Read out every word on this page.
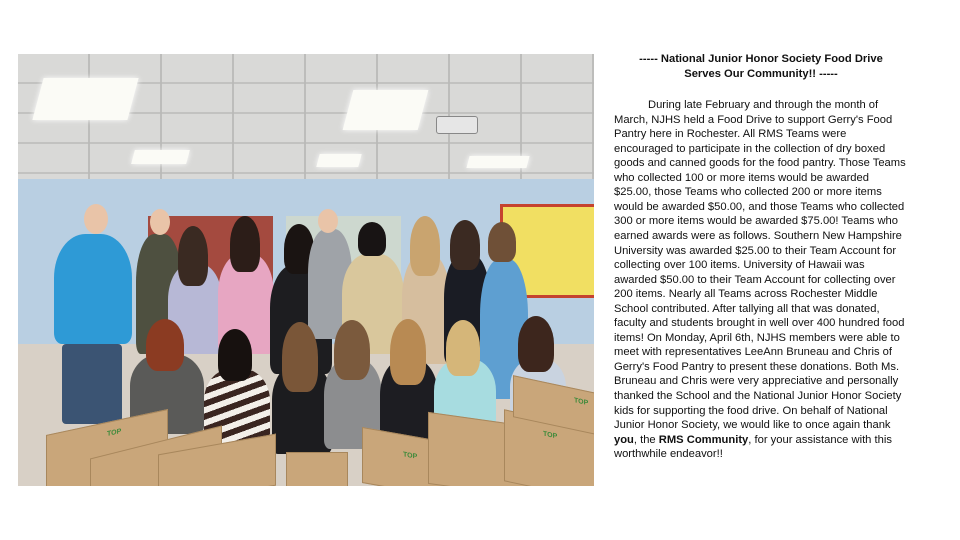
TOP
TOP
TOP
TOP

----- National Junior Honor Society Food Drive
Serves Our Community!! -----

During late February and through the month of March, NJHS held a Food Drive to support Gerry's Food Pantry here in Rochester. All RMS Teams were encouraged to participate in the collection of dry boxed goods and canned goods for the food pantry. Those Teams who collected 100 or more items would be awarded $25.00, those Teams who collected 200 or more items would be awarded $50.00, and those Teams who collected 300 or more items would be awarded $75.00! Teams who earned awards were as follows. Southern New Hampshire University was awarded $25.00 to their Team Account for collecting over 100 items. University of Hawaii was awarded $50.00 to their Team Account for collecting over 200 items. Nearly all Teams across Rochester Middle School contributed. After tallying all that was donated, faculty and students brought in well over 400 hundred food items! On Monday, April 6th, NJHS members were able to meet with representatives LeeAnn Bruneau and Chris of Gerry's Food Pantry to present these donations. Both Ms. Bruneau and Chris were very appreciative and personally thanked the School and the National Junior Honor Society kids for supporting the food drive. On behalf of National Junior Honor Society, we would like to once again thank you, the RMS Community, for your assistance with this worthwhile endeavor!!
